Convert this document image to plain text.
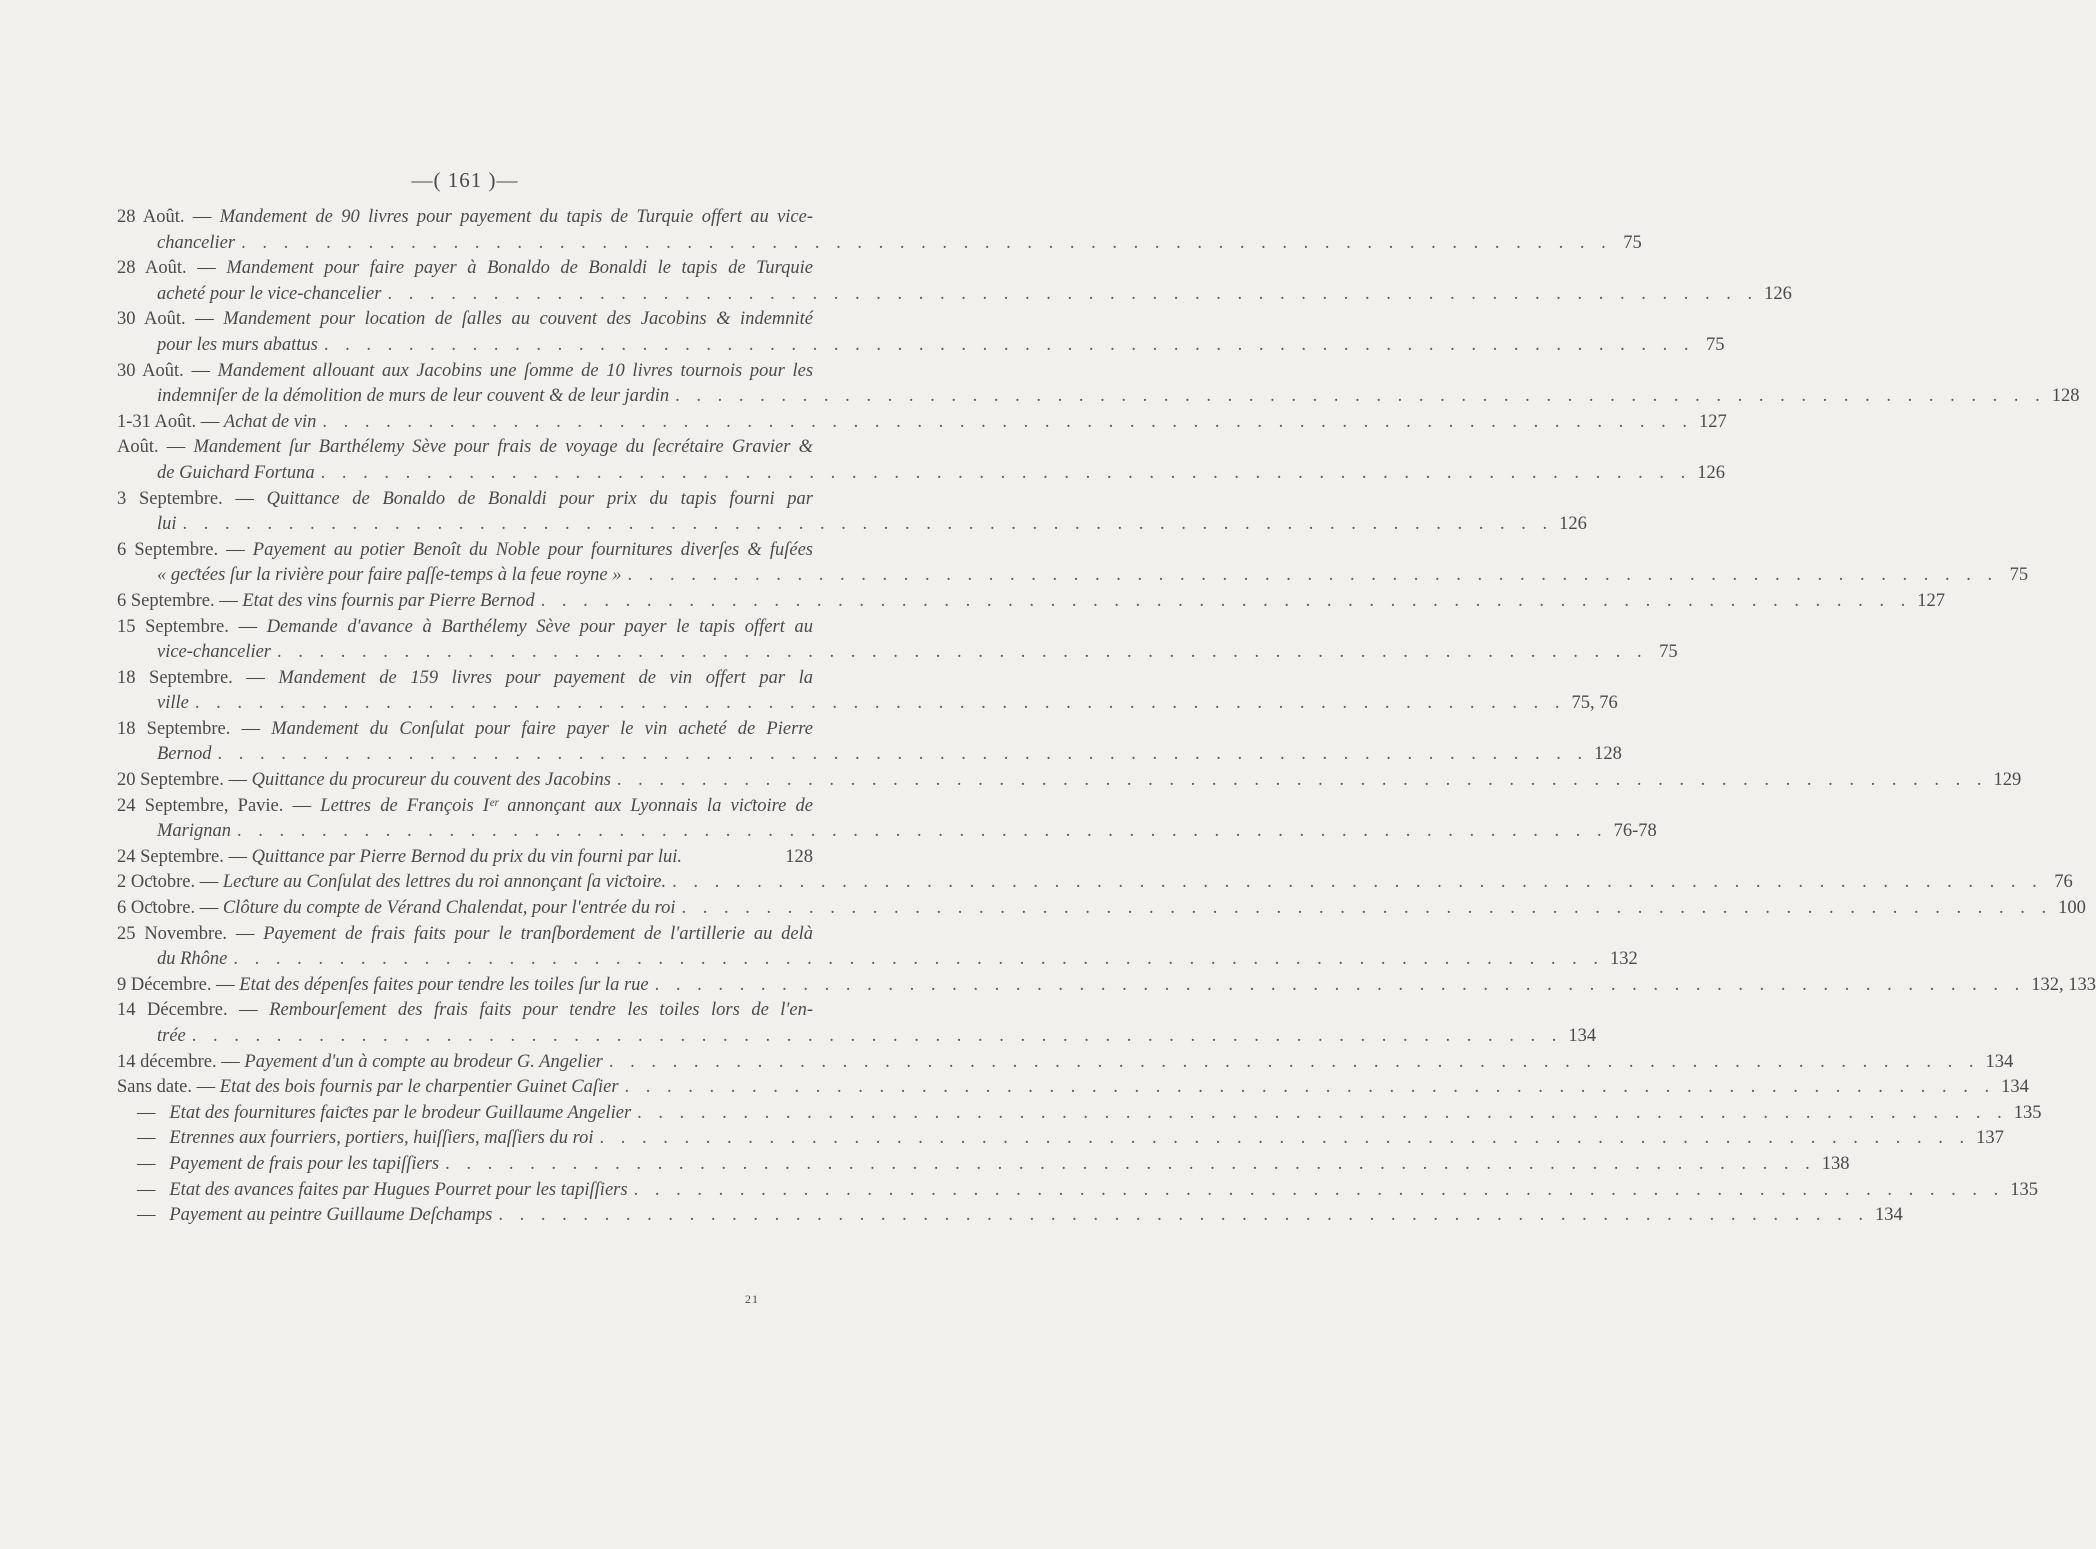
—( 161 )—
28 Août. — Mandement de 90 livres pour payement du tapis de Turquie offert au vice-
chancelier . . . . . . . . . . . . . . . . . . . . . . . . . . . . . . . . . . . . . . . . . . . . . . . . . . . . . . . . . . . . . . . . . 75
28 Août. — Mandement pour faire payer à Bonaldo de Bonaldi le tapis de Turquie
acheté pour le vice-chancelier . . . . . . . . . . . . . . . . . . . . . . . . . . . . . . . . . . . . . . . . . . . . . . . . . . . . . . . . . . . . . . . . . 126
30 Août. — Mandement pour location de ſalles au couvent des Jacobins & indemnité
pour les murs abattus . . . . . . . . . . . . . . . . . . . . . . . . . . . . . . . . . . . . . . . . . . . . . . . . . . . . . . . . . . . . . . . . . 75
30 Août. — Mandement allouant aux Jacobins une ſomme de 10 livres tournois pour les
indemniſer de la démolition de murs de leur couvent & de leur jardin . . . . . . . . . . . . . . . . . . . . . . . . . . . . . . . . . . . . . . . . . . . . . . . . . . . . . . . . . . . . . . . . . 128
1-31 Août. — Achat de vin . . . . . . . . . . . . . . . . . . . . . . . . . . . . . . . . . . . . . . . . . . . . . . . . . . . . . . . . . . . . . . . . . 127
Août. — Mandement ſur Barthélemy Sève pour frais de voyage du ſecrétaire Gravier &
de Guichard Fortuna . . . . . . . . . . . . . . . . . . . . . . . . . . . . . . . . . . . . . . . . . . . . . . . . . . . . . . . . . . . . . . . . . 126
3 Septembre. — Quittance de Bonaldo de Bonaldi pour prix du tapis fourni par
lui . . . . . . . . . . . . . . . . . . . . . . . . . . . . . . . . . . . . . . . . . . . . . . . . . . . . . . . . . . . . . . . . . 126
6 Septembre. — Payement au potier Benoît du Noble pour fournitures diverſes & fuſées
« geƈtées ſur la rivière pour faire paſſe-temps à la feue royne » . . . . . . . . . . . . . . . . . . . . . . . . . . . . . . . . . . . . . . . . . . . . . . . . . . . . . . . . . . . . . . . . . 75
6 Septembre. — Etat des vins fournis par Pierre Bernod . . . . . . . . . . . . . . . . . . . . . . . . . . . . . . . . . . . . . . . . . . . . . . . . . . . . . . . . . . . . . . . . . 127
15 Septembre. — Demande d'avance à Barthélemy Sève pour payer le tapis offert au
vice-chancelier . . . . . . . . . . . . . . . . . . . . . . . . . . . . . . . . . . . . . . . . . . . . . . . . . . . . . . . . . . . . . . . . . 75
18 Septembre. — Mandement de 159 livres pour payement de vin offert par la
ville . . . . . . . . . . . . . . . . . . . . . . . . . . . . . . . . . . . . . . . . . . . . . . . . . . . . . . . . . . . . . . . . . 75, 76
18 Septembre. — Mandement du Conſulat pour faire payer le vin acheté de Pierre
Bernod . . . . . . . . . . . . . . . . . . . . . . . . . . . . . . . . . . . . . . . . . . . . . . . . . . . . . . . . . . . . . . . . . 128
20 Septembre. — Quittance du procureur du couvent des Jacobins . . . . . . . . . . . . . . . . . . . . . . . . . . . . . . . . . . . . . . . . . . . . . . . . . . . . . . . . . . . . . . . . . 129
24 Septembre, Pavie. — Lettres de François Iᵉʳ annonçant aux Lyonnais la viƈtoire de
Marignan . . . . . . . . . . . . . . . . . . . . . . . . . . . . . . . . . . . . . . . . . . . . . . . . . . . . . . . . . . . . . . . . . 76-78
24 Septembre. — Quittance par Pierre Bernod du prix du vin fourni par lui.	128
2 Oƈtobre. — Leƈture au Conſulat des lettres du roi annonçant ſa viƈtoire. . . . . . . . . . . . . . . . . . . . . . . . . . . . . . . . . . . . . . . . . . . . . . . . . . . . . . . . . . . . . . . . . . 76
6 Oƈtobre. — Clôture du compte de Vérand Chalendat, pour l'entrée du roi . . . . . . . . . . . . . . . . . . . . . . . . . . . . . . . . . . . . . . . . . . . . . . . . . . . . . . . . . . . . . . . . . 100
25 Novembre. — Payement de frais faits pour le tranſbordement de l'artillerie au delà
du Rhône . . . . . . . . . . . . . . . . . . . . . . . . . . . . . . . . . . . . . . . . . . . . . . . . . . . . . . . . . . . . . . . . . 132
9 Décembre. — Etat des dépenſes faites pour tendre les toiles ſur la rue . . . . . . . . . . . . . . . . . . . . . . . . . . . . . . . . . . . . . . . . . . . . . . . . . . . . . . . . . . . . . . . . . 132, 133
14 Décembre. — Rembourſement des frais faits pour tendre les toiles lors de l'en-
trée . . . . . . . . . . . . . . . . . . . . . . . . . . . . . . . . . . . . . . . . . . . . . . . . . . . . . . . . . . . . . . . . . 134
14 décembre. — Payement d'un à compte au brodeur G. Angelier . . . . . . . . . . . . . . . . . . . . . . . . . . . . . . . . . . . . . . . . . . . . . . . . . . . . . . . . . . . . . . . . . 134
Sans date. — Etat des bois fournis par le charpentier Guinet Caſier . . . . . . . . . . . . . . . . . . . . . . . . . . . . . . . . . . . . . . . . . . . . . . . . . . . . . . . . . . . . . . . . . 134
—
Etat des fournitures faiƈtes par le brodeur Guillaume Angelier . . . . . . . . . . . . . . . . . . . . . . . . . . . . . . . . . . . . . . . . . . . . . . . . . . . . . . . . . . . . . . . . . 135
—
Etrennes aux fourriers, portiers, huiſſiers, maſſiers du roi . . . . . . . . . . . . . . . . . . . . . . . . . . . . . . . . . . . . . . . . . . . . . . . . . . . . . . . . . . . . . . . . . 137
—
Payement de frais pour les tapiſſiers . . . . . . . . . . . . . . . . . . . . . . . . . . . . . . . . . . . . . . . . . . . . . . . . . . . . . . . . . . . . . . . . . 138
—
Etat des avances faites par Hugues Pourret pour les tapiſſiers . . . . . . . . . . . . . . . . . . . . . . . . . . . . . . . . . . . . . . . . . . . . . . . . . . . . . . . . . . . . . . . . . 135
—
Payement au peintre Guillaume Deſchamps . . . . . . . . . . . . . . . . . . . . . . . . . . . . . . . . . . . . . . . . . . . . . . . . . . . . . . . . . . . . . . . . . 134
21
